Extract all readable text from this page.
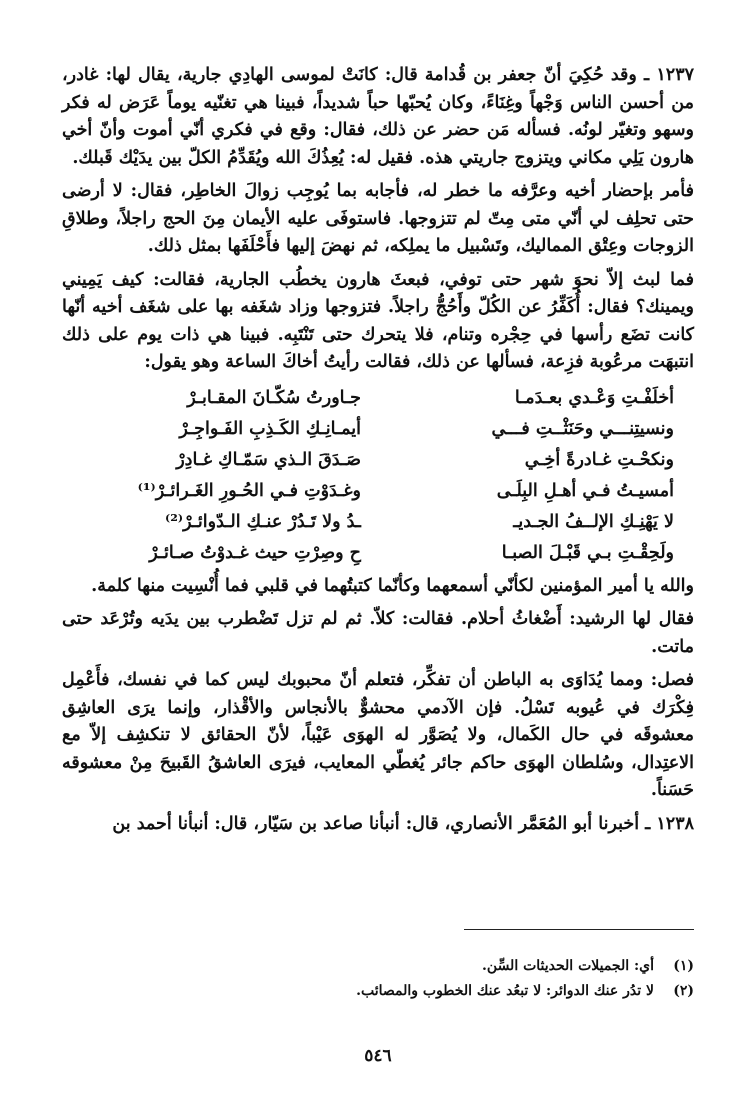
١٢٣٧ ـ وقد حُكِيَ أنّ جعفر بن قُدامة قال: كانَتْ لموسى الهادِي جارية، يقال لها: غادر، من أحسن الناس وَجْهاً وغِنَاءً، وكان يُحبّها حباً شديداً، فبينا هي تغنّيه يوماً عَرَض له فكر وسهو وتغيّر لونُه. فسأله مَن حضر عن ذلك، فقال: وقع في فكري أنّي أموت وأنّ أخي هارون يَلِي مكاني ويتزوج جاريتي هذه. فقيل له: يُعِذُكَ الله ويُقَدِّمُ الكلّ بين يدَيْك قَبلك.

فأمر بإحضار أخيه وعرَّفه ما خطر له، فأجابه بما يُوجِب زوالَ الخاطِر، فقال: لا أرضى حتى تحلِف لي أنّي متى مِتّ لم تتزوجها. فاستوفَى عليه الأيمان مِنَ الحج راجلاً، وطلاقِ الزوجات وعِتْق المماليك، وتَسْبيل ما يملِكه، ثم نهضَ إليها فأَحْلَفَها بمثل ذلك.

فما لبث إلاّ نحوَ شهر حتى توفي، فبعثَ هارون يخطُب الجارية، فقالت: كيف يَمِيني ويمينك؟ فقال: أُكَفِّرُ عن الكُلّ وأَحُجُّ راجلاً. فتزوجها وزاد شغَفه بها على شغَف أخيه أنّها كانت تضَع رأسها في حِجْره وتنام، فلا يتحرك حتى تَنْتَبِه. فبينا هي ذات يوم على ذلك انتبهَت مرعُوبة فزِعة، فسألها عن ذلك، فقالت رأيتُ أخاكَ الساعة وهو يقول:

أخلَفْـتِ وَعْـدي بعـدَمـا
جـاورتُ سُكّـانَ المقـابـرْ
ونسيتِنـــي وحَنَثْــتِ فـــي
أيمـانِـكِ الكَـذِبِ الفَـواجِـرْ
ونكحْـتِ غـادرةً أخِـي
صَـدَقَ الـذي سَمّـاكِ غـادِرْ
أمسيـتُ فـي أهـلِ البِلَـى
وغـدَوْتِ فـي الحُـورِ الغَـرائـرْ⁽¹⁾
لا يَهْنِـكِ الإلــفُ الجـديـ
ـدُ ولا تَـدُرْ عنـكِ الـدّوائـرْ⁽²⁾
ولَحِقْـتِ بـي قَبْـلَ الصبـا
حِ وصِرْتِ حيث غـدوْتُ صـائـرْ

والله يا أمير المؤمنين لكأنّي أسمعهما وكأنّما كتبتُهما في قلبي فما أُنْسِيت منها كلمة.

فقال لها الرشيد: أَضْغاثُ أحلام. فقالت: كلاّ. ثم لم تزل تَضْطرب بين يدَيه وتُرْعَد حتى ماتت.

فصل: ومما يُدَاوَى به الباطن أن تفكِّر، فتعلم أنّ محبوبك ليس كما في نفسك، فأَعْمِل فِكْرَك في عُيوبه تَسْلُ. فإن الآدمي محشوٌّ بالأنجاس والأقْذار، وإنما يرَى العاشِق معشوقَه في حال الكَمال، ولا يُصَوَّر له الهوَى عَيْباً، لأنّ الحقائق لا تنكشِف إلاّ مع الاعتِدال، وسُلطان الهوَى حاكم جائر يُغطّي المعايب، فيرَى العاشقُ القَبيحَ مِنْ معشوقه حَسَناً.

١٢٣٨ ـ أخبرنا أبو المُعَمَّر الأنصاري، قال: أنبأنا صاعد بن سَيّار، قال: أنبأنا أحمد بن

(١)
أي: الجميلات الحديثات السِّن.
(٢)
لا تدُر عنك الدوائر: لا تبعُد عنك الخطوب والمصائب.
٥٤٦
